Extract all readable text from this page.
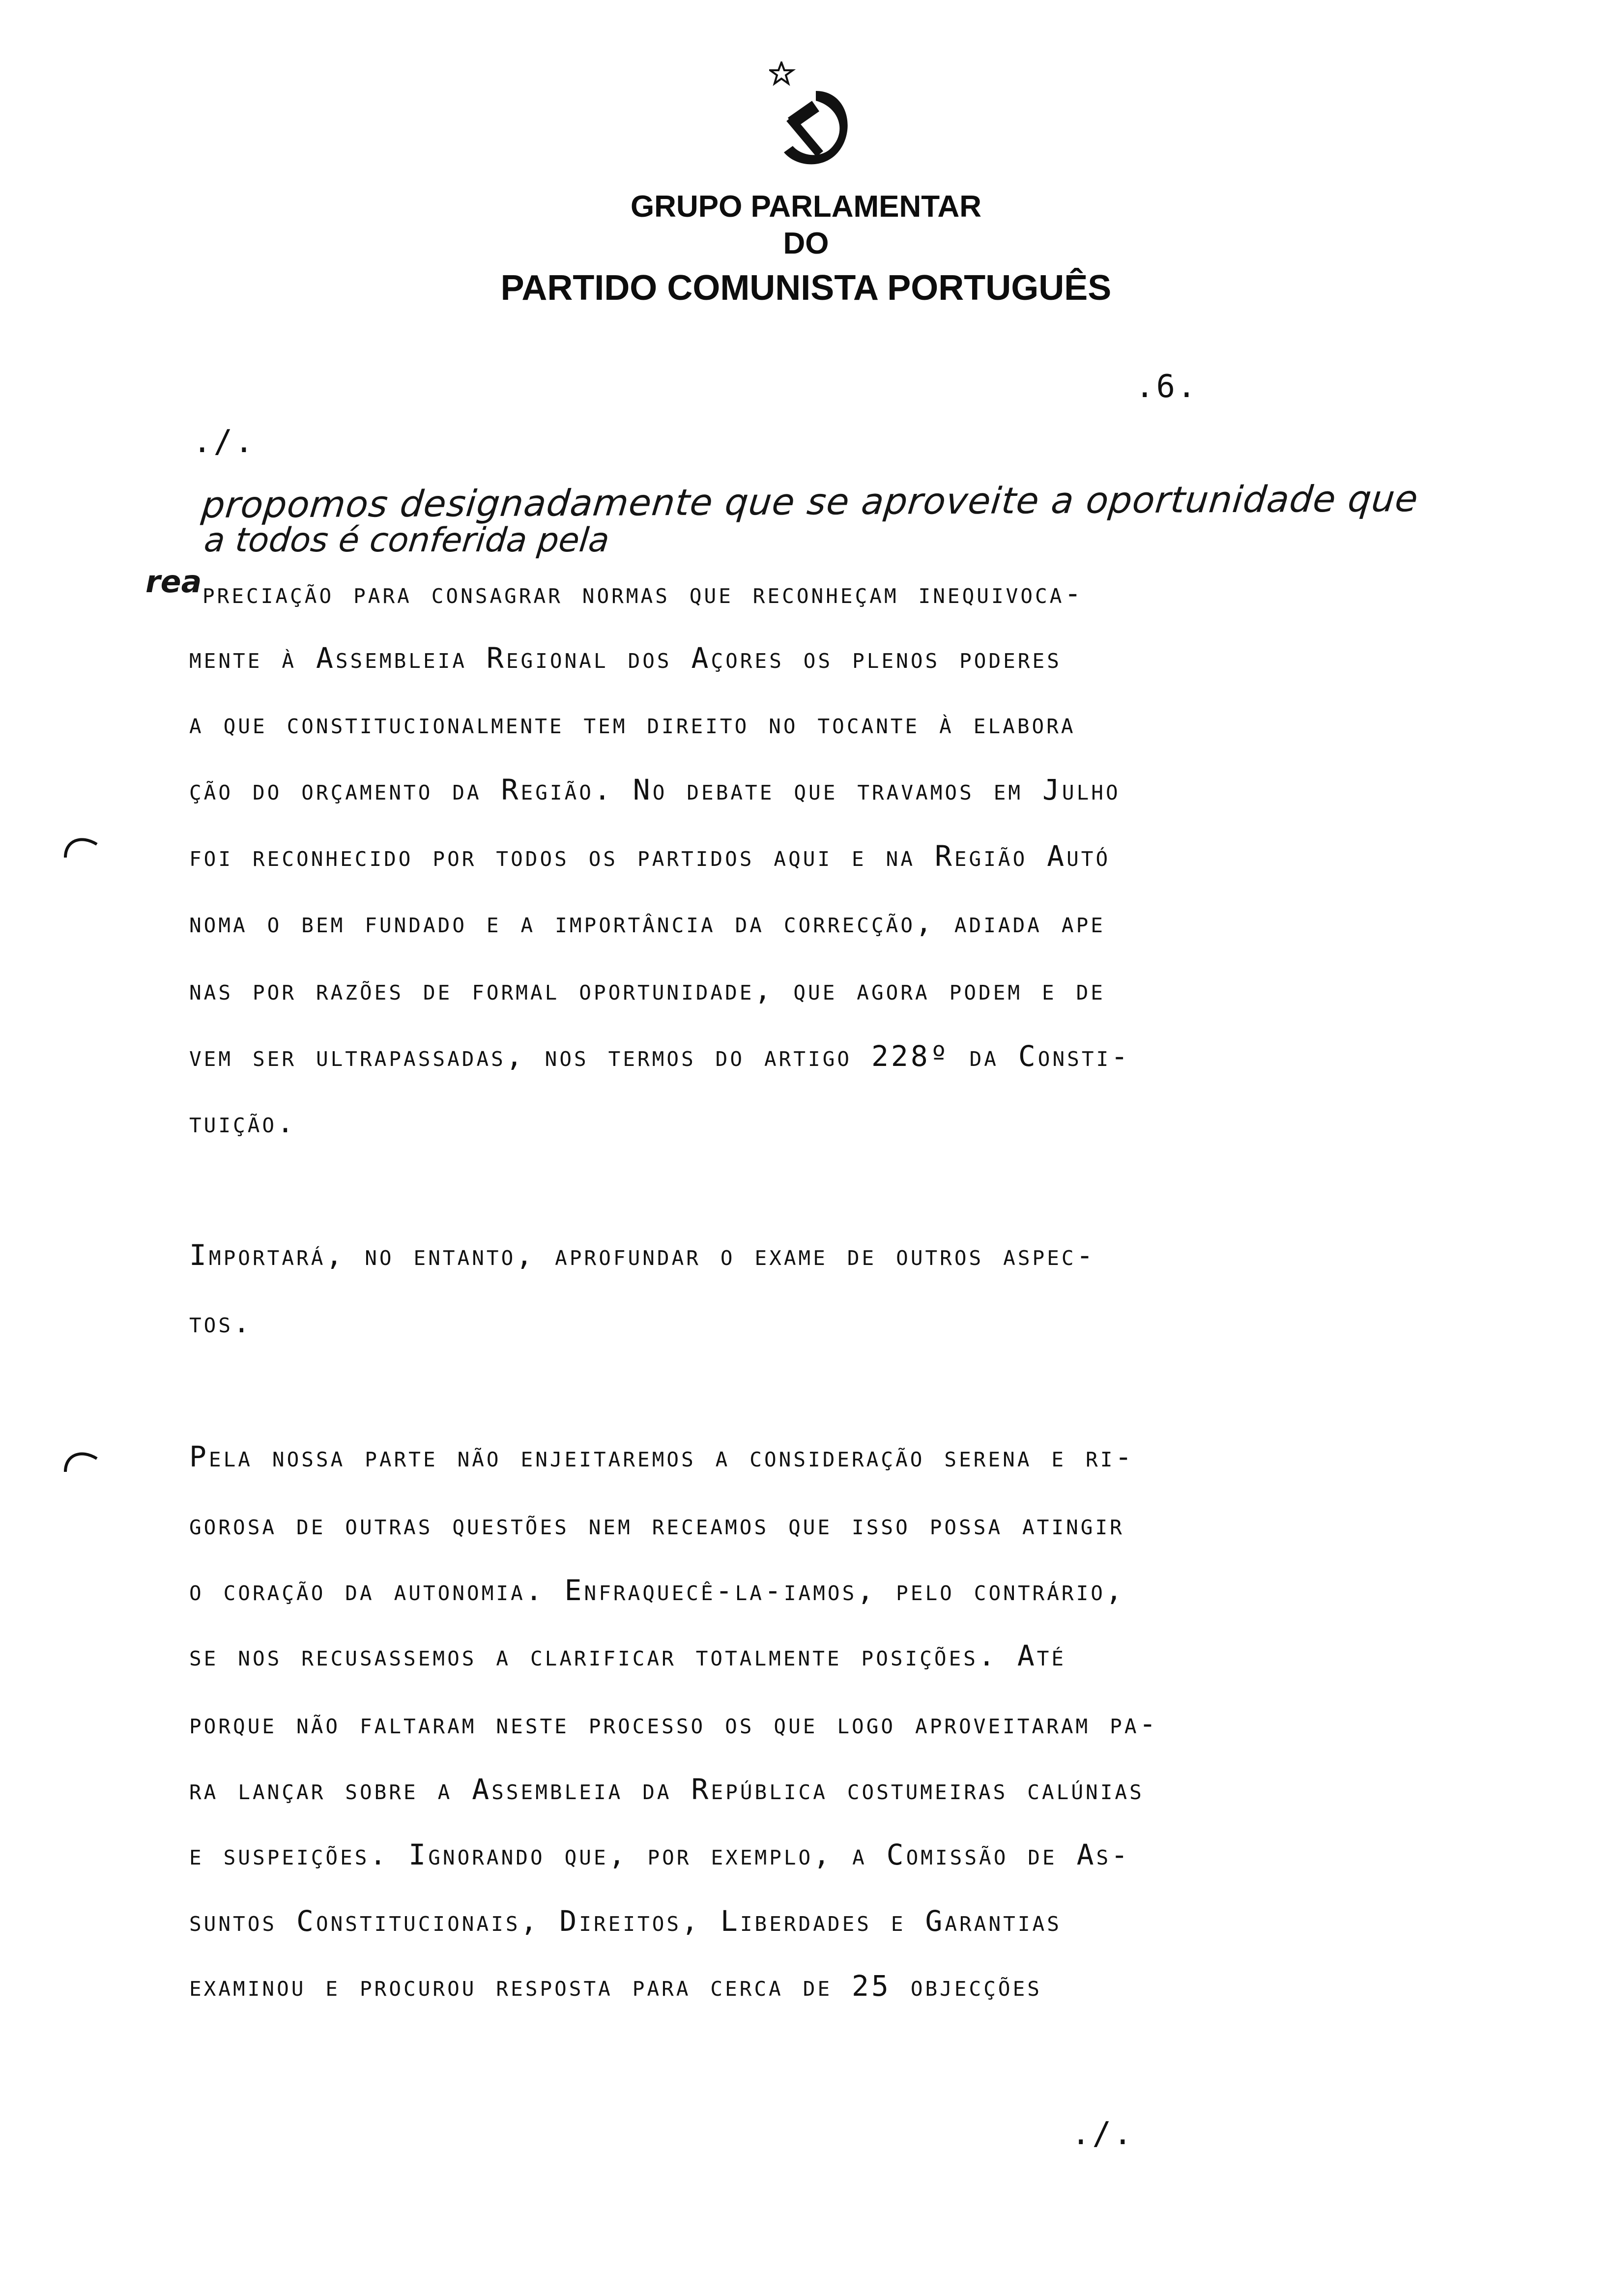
GRUPO PARLAMENTAR
DO
PARTIDO COMUNISTA PORTUGUÊS
.6.
./.
propomos designadamente que se aproveite a oportunidade que
a todos é conferida pela
rea preciação para consagrar normas que reconheçam inequivoca-
mente à Assembleia Regional dos Açores os plenos poderes
a que constitucionalmente tem direito no tocante à elabora
ção do orçamento da Região. No debate que travamos em Julho
foi reconhecido por todos os partidos aqui e na Região Autó
noma o bem fundado e a importância da correcção, adiada ape
nas por razões de formal oportunidade, que agora podem e de
vem ser ultrapassadas, nos termos do artigo 228º da Consti-
tuição.
Importará, no entanto, aprofundar o exame de outros aspec-
tos.
Pela nossa parte não enjeitaremos a consideração serena e ri-
gorosa de outras questões nem receamos que isso possa atingir
o coração da autonomia. Enfraquecê-la-iamos, pelo contrário,
se nos recusassemos a clarificar totalmente posições. Até
porque não faltaram neste processo os que logo aproveitaram pa-
ra lançar sobre a Assembleia da República costumeiras calúnias
e suspeições. Ignorando que, por exemplo, a Comissão de As-
suntos Constitucionais, Direitos, Liberdades e Garantias
examinou e procurou resposta para cerca de 25 objecções
./.
